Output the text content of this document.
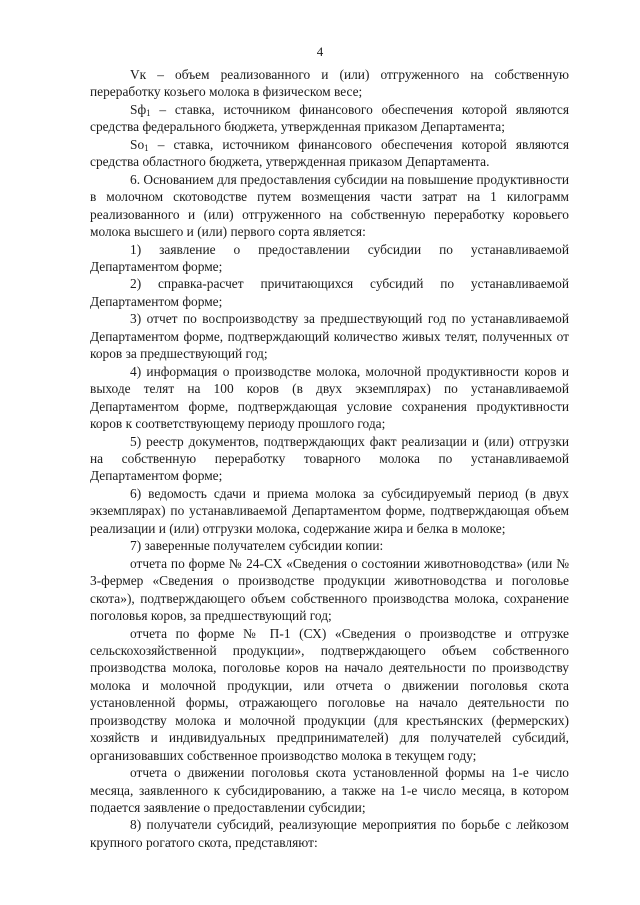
4

Vк – объем реализованного и (или) отгруженного на собственную переработку козьего молока в физическом весе;

$Sф_1$ – ставка, источником финансового обеспечения которой являются средства федерального бюджета, утвержденная приказом Департамента;

$So_1$ – ставка, источником финансового обеспечения которой являются средства областного бюджета, утвержденная приказом Департамента.

6. Основанием для предоставления субсидии на повышение продуктивности в молочном скотоводстве путем возмещения части затрат на 1 килограмм реализованного и (или) отгруженного на собственную переработку коровьего молока высшего и (или) первого сорта является:

1) заявление о предоставлении субсидии по устанавливаемой Департаментом форме;

2) справка-расчет причитающихся субсидий по устанавливаемой Департаментом форме;

3) отчет по воспроизводству за предшествующий год по устанавливаемой Департаментом форме, подтверждающий количество живых телят, полученных от коров за предшествующий год;

4) информация о производстве молока, молочной продуктивности коров и выходе телят на 100 коров (в двух экземплярах) по устанавливаемой Департаментом форме, подтверждающая условие сохранения продуктивности коров к соответствующему периоду прошлого года;

5) реестр документов, подтверждающих факт реализации и (или) отгрузки на собственную переработку товарного молока по устанавливаемой Департаментом форме;

6) ведомость сдачи и приема молока за субсидируемый период (в двух экземплярах) по устанавливаемой Департаментом форме, подтверждающая объем реализации и (или) отгрузки молока, содержание жира и белка в молоке;

7) заверенные получателем субсидии копии:

отчета по форме № 24-СХ «Сведения о состоянии животноводства» (или № 3-фермер «Сведения о производстве продукции животноводства и поголовье скота»), подтверждающего объем собственного производства молока, сохранение поголовья коров, за предшествующий год;

отчета по форме № П-1 (СХ) «Сведения о производстве и отгрузке сельскохозяйственной продукции», подтверждающего объем собственного производства молока, поголовье коров на начало деятельности по производству молока и молочной продукции, или отчета о движении поголовья скота установленной формы, отражающего поголовье на начало деятельности по производству молока и молочной продукции (для крестьянских (фермерских) хозяйств и индивидуальных предпринимателей) для получателей субсидий, организовавших собственное производство молока в текущем году;

отчета о движении поголовья скота установленной формы на 1-е число месяца, заявленного к субсидированию, а также на 1-е число месяца, в котором подается заявление о предоставлении субсидии;

8) получатели субсидий, реализующие мероприятия по борьбе с лейкозом крупного рогатого скота, представляют:
